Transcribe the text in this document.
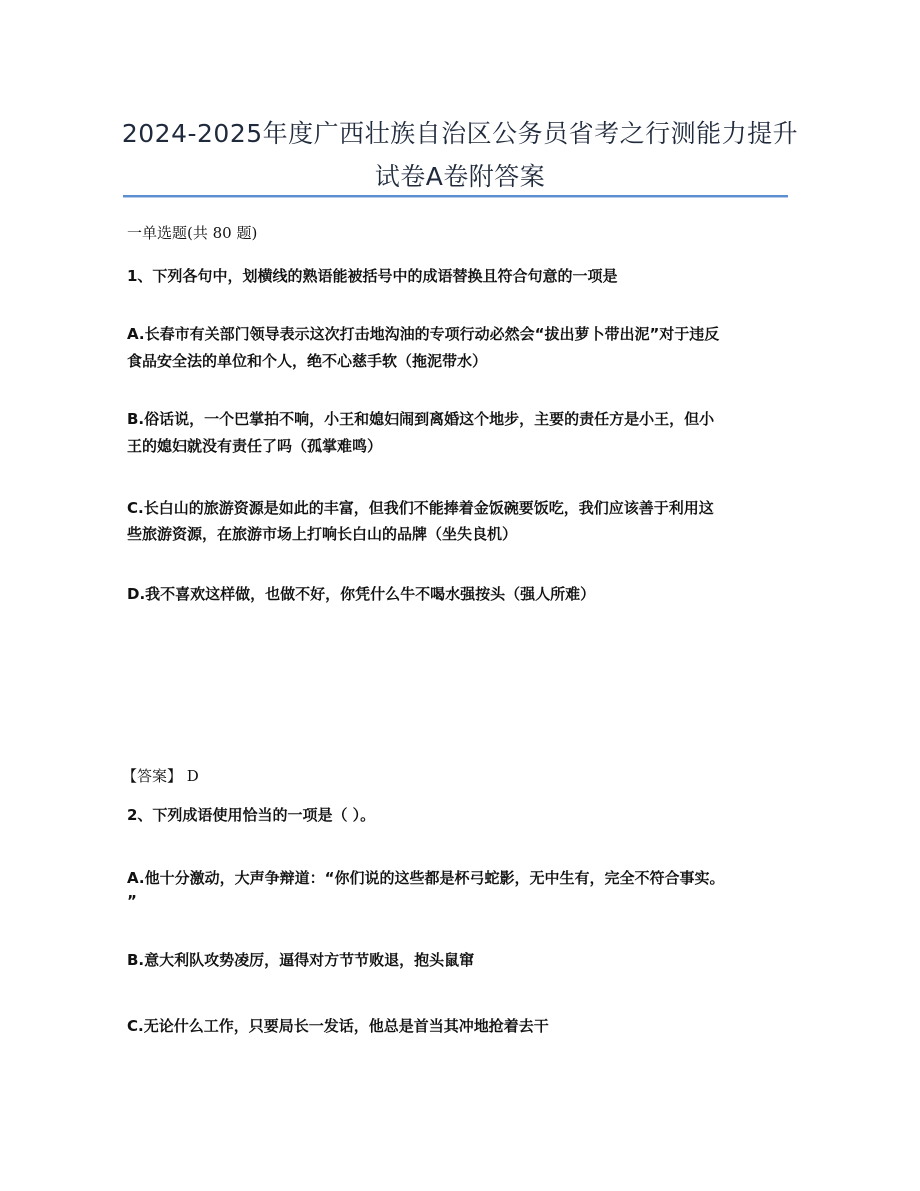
2024-2025年度广西壮族自治区公务员省考之行测能力提升
试卷A卷附答案
一单选题(共 80 题)
1、下列各句中，划横线的熟语能被括号中的成语替换且符合句意的一项是
A.长春市有关部门领导表示这次打击地沟油的专项行动必然会“拔出萝卜带出泥”对于违反
食品安全法的单位和个人，绝不心慈手软（拖泥带水）
B.俗话说，一个巴掌拍不响，小王和媳妇闹到离婚这个地步，主要的责任方是小王，但小
王的媳妇就没有责任了吗（孤掌难鸣）
C.长白山的旅游资源是如此的丰富，但我们不能捧着金饭碗要饭吃，我们应该善于利用这
些旅游资源，在旅游市场上打响长白山的品牌（坐失良机）
D.我不喜欢这样做，也做不好，你凭什么牛不喝水强按头（强人所难）
【答案】 D
2、下列成语使用恰当的一项是（ ）。
A.他十分激动，大声争辩道：“你们说的这些都是杯弓蛇影，无中生有，完全不符合事实。
”
B.意大利队攻势凌厉，逼得对方节节败退，抱头鼠窜
C.无论什么工作，只要局长一发话，他总是首当其冲地抢着去干
